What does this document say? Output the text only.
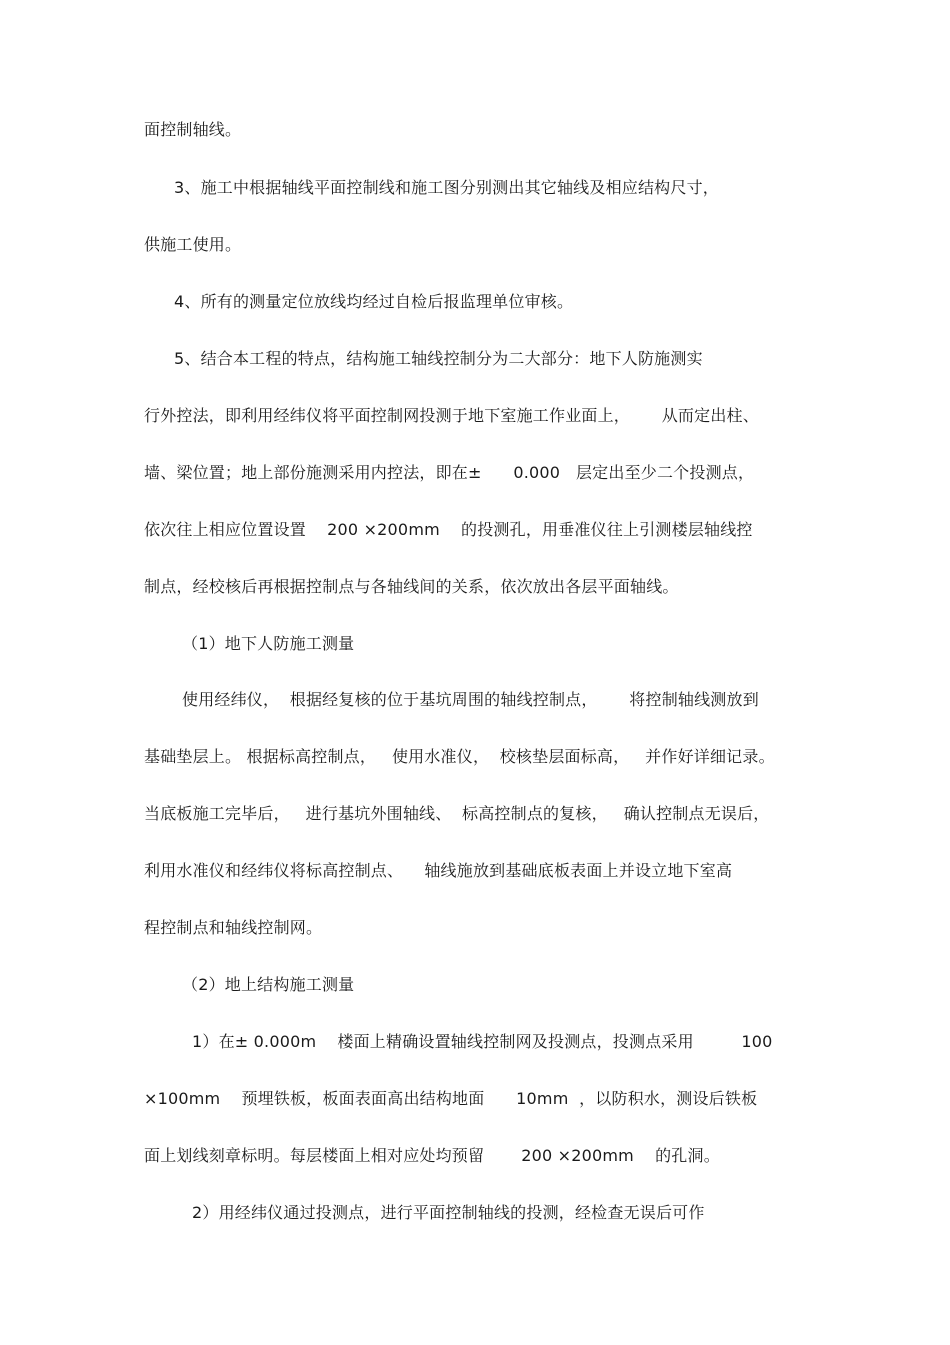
面控制轴线。
3、施工中根据轴线平面控制线和施工图分别测出其它轴线及相应结构尺寸，
供施工使用。
4、所有的测量定位放线均经过自检后报监理单位审核。
5、结合本工程的特点，结构施工轴线控制分为二大部分：地下人防施测实
行外控法，即利用经纬仪将平面控制网投测于地下室施工作业面上，      从而定出柱、
墙、梁位置；地上部份施测采用内控法，即在±      0.000   层定出至少二个投测点，
依次往上相应位置设置    200 ×200mm    的投测孔，用垂准仪往上引测楼层轴线控
制点，经校核后再根据控制点与各轴线间的关系，依次放出各层平面轴线。
（1）地下人防施工测量
使用经纬仪，  根据经复核的位于基坑周围的轴线控制点，      将控制轴线测放到
基础垫层上。 根据标高控制点，   使用水准仪，  校核垫层面标高，   并作好详细记录。
当底板施工完毕后，   进行基坑外围轴线、  标高控制点的复核，   确认控制点无误后，
利用水准仪和经纬仪将标高控制点、    轴线施放到基础底板表面上并设立地下室高
程控制点和轴线控制网。
（2）地上结构施工测量
1）在± 0.000m    楼面上精确设置轴线控制网及投测点，投测点采用         100
×100mm    预埋铁板，板面表面高出结构地面      10mm  ，以防积水，测设后铁板
面上划线刻章标明。每层楼面上相对应处均预留       200 ×200mm    的孔洞。
2）用经纬仪通过投测点，进行平面控制轴线的投测，经检查无误后可作
